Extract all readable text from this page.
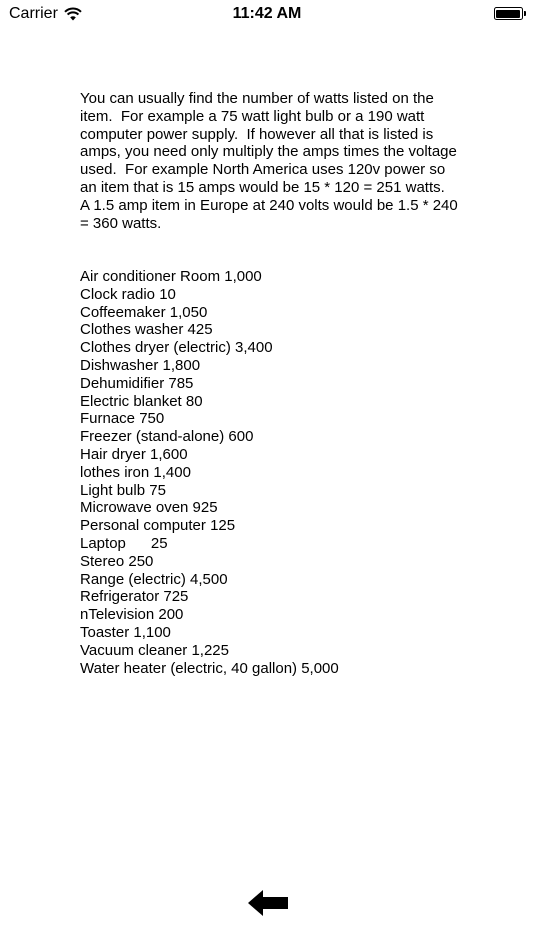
Carrier	11:42 AM

You can usually find the number of watts listed on the item.  For example a 75 watt light bulb or a 190 watt computer power supply.  If however all that is listed is amps, you need only multiply the amps times the voltage used.  For example North America uses 120v power so an item that is 15 amps would be 15 * 120 = 251 watts.  A 1.5 amp item in Europe at 240 volts would be 1.5 * 240 = 360 watts.

Air conditioner Room 1,000
Clock radio 10
Coffeemaker 1,050
Clothes washer 425
Clothes dryer (electric) 3,400
Dishwasher 1,800
Dehumidifier 785
Electric blanket 80
Furnace 750
Freezer (stand-alone) 600
Hair dryer 1,600
lothes iron 1,400
Light bulb 75
Microwave oven 925
Personal computer 125
Laptop      25
Stereo 250
Range (electric) 4,500
Refrigerator 725
nTelevision 200
Toaster 1,100
Vacuum cleaner 1,225
Water heater (electric, 40 gallon) 5,000
